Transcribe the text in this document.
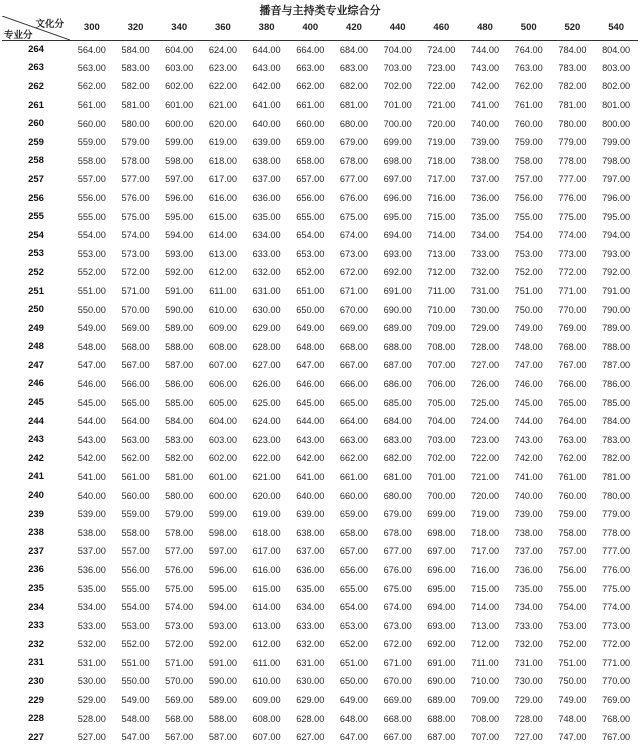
播音与主持类专业综合分
文化分
专业分	300	320	340	360	380	400	420	440	460	480	500	520	540
264	564.00	584.00	604.00	624.00	644.00	664.00	684.00	704.00	724.00	744.00	764.00	784.00	804.00
263	563.00	583.00	603.00	623.00	643.00	663.00	683.00	703.00	723.00	743.00	763.00	783.00	803.00
262	562.00	582.00	602.00	622.00	642.00	662.00	682.00	702.00	722.00	742.00	762.00	782.00	802.00
261	561.00	581.00	601.00	621.00	641.00	661.00	681.00	701.00	721.00	741.00	761.00	781.00	801.00
260	560.00	580.00	600.00	620.00	640.00	660.00	680.00	700.00	720.00	740.00	760.00	780.00	800.00
259	559.00	579.00	599.00	619.00	639.00	659.00	679.00	699.00	719.00	739.00	759.00	779.00	799.00
258	558.00	578.00	598.00	618.00	638.00	658.00	678.00	698.00	718.00	738.00	758.00	778.00	798.00
257	557.00	577.00	597.00	617.00	637.00	657.00	677.00	697.00	717.00	737.00	757.00	777.00	797.00
256	556.00	576.00	596.00	616.00	636.00	656.00	676.00	696.00	716.00	736.00	756.00	776.00	796.00
255	555.00	575.00	595.00	615.00	635.00	655.00	675.00	695.00	715.00	735.00	755.00	775.00	795.00
254	554.00	574.00	594.00	614.00	634.00	654.00	674.00	694.00	714.00	734.00	754.00	774.00	794.00
253	553.00	573.00	593.00	613.00	633.00	653.00	673.00	693.00	713.00	733.00	753.00	773.00	793.00
252	552.00	572.00	592.00	612.00	632.00	652.00	672.00	692.00	712.00	732.00	752.00	772.00	792.00
251	551.00	571.00	591.00	611.00	631.00	651.00	671.00	691.00	711.00	731.00	751.00	771.00	791.00
250	550.00	570.00	590.00	610.00	630.00	650.00	670.00	690.00	710.00	730.00	750.00	770.00	790.00
249	549.00	569.00	589.00	609.00	629.00	649.00	669.00	689.00	709.00	729.00	749.00	769.00	789.00
248	548.00	568.00	588.00	608.00	628.00	648.00	668.00	688.00	708.00	728.00	748.00	768.00	788.00
247	547.00	567.00	587.00	607.00	627.00	647.00	667.00	687.00	707.00	727.00	747.00	767.00	787.00
246	546.00	566.00	586.00	606.00	626.00	646.00	666.00	686.00	706.00	726.00	746.00	766.00	786.00
245	545.00	565.00	585.00	605.00	625.00	645.00	665.00	685.00	705.00	725.00	745.00	765.00	785.00
244	544.00	564.00	584.00	604.00	624.00	644.00	664.00	684.00	704.00	724.00	744.00	764.00	784.00
243	543.00	563.00	583.00	603.00	623.00	643.00	663.00	683.00	703.00	723.00	743.00	763.00	783.00
242	542.00	562.00	582.00	602.00	622.00	642.00	662.00	682.00	702.00	722.00	742.00	762.00	782.00
241	541.00	561.00	581.00	601.00	621.00	641.00	661.00	681.00	701.00	721.00	741.00	761.00	781.00
240	540.00	560.00	580.00	600.00	620.00	640.00	660.00	680.00	700.00	720.00	740.00	760.00	780.00
239	539.00	559.00	579.00	599.00	619.00	639.00	659.00	679.00	699.00	719.00	739.00	759.00	779.00
238	538.00	558.00	578.00	598.00	618.00	638.00	658.00	678.00	698.00	718.00	738.00	758.00	778.00
237	537.00	557.00	577.00	597.00	617.00	637.00	657.00	677.00	697.00	717.00	737.00	757.00	777.00
236	536.00	556.00	576.00	596.00	616.00	636.00	656.00	676.00	696.00	716.00	736.00	756.00	776.00
235	535.00	555.00	575.00	595.00	615.00	635.00	655.00	675.00	695.00	715.00	735.00	755.00	775.00
234	534.00	554.00	574.00	594.00	614.00	634.00	654.00	674.00	694.00	714.00	734.00	754.00	774.00
233	533.00	553.00	573.00	593.00	613.00	633.00	653.00	673.00	693.00	713.00	733.00	753.00	773.00
232	532.00	552.00	572.00	592.00	612.00	632.00	652.00	672.00	692.00	712.00	732.00	752.00	772.00
231	531.00	551.00	571.00	591.00	611.00	631.00	651.00	671.00	691.00	711.00	731.00	751.00	771.00
230	530.00	550.00	570.00	590.00	610.00	630.00	650.00	670.00	690.00	710.00	730.00	750.00	770.00
229	529.00	549.00	569.00	589.00	609.00	629.00	649.00	669.00	689.00	709.00	729.00	749.00	769.00
228	528.00	548.00	568.00	588.00	608.00	628.00	648.00	668.00	688.00	708.00	728.00	748.00	768.00
227	527.00	547.00	567.00	587.00	607.00	627.00	647.00	667.00	687.00	707.00	727.00	747.00	767.00
